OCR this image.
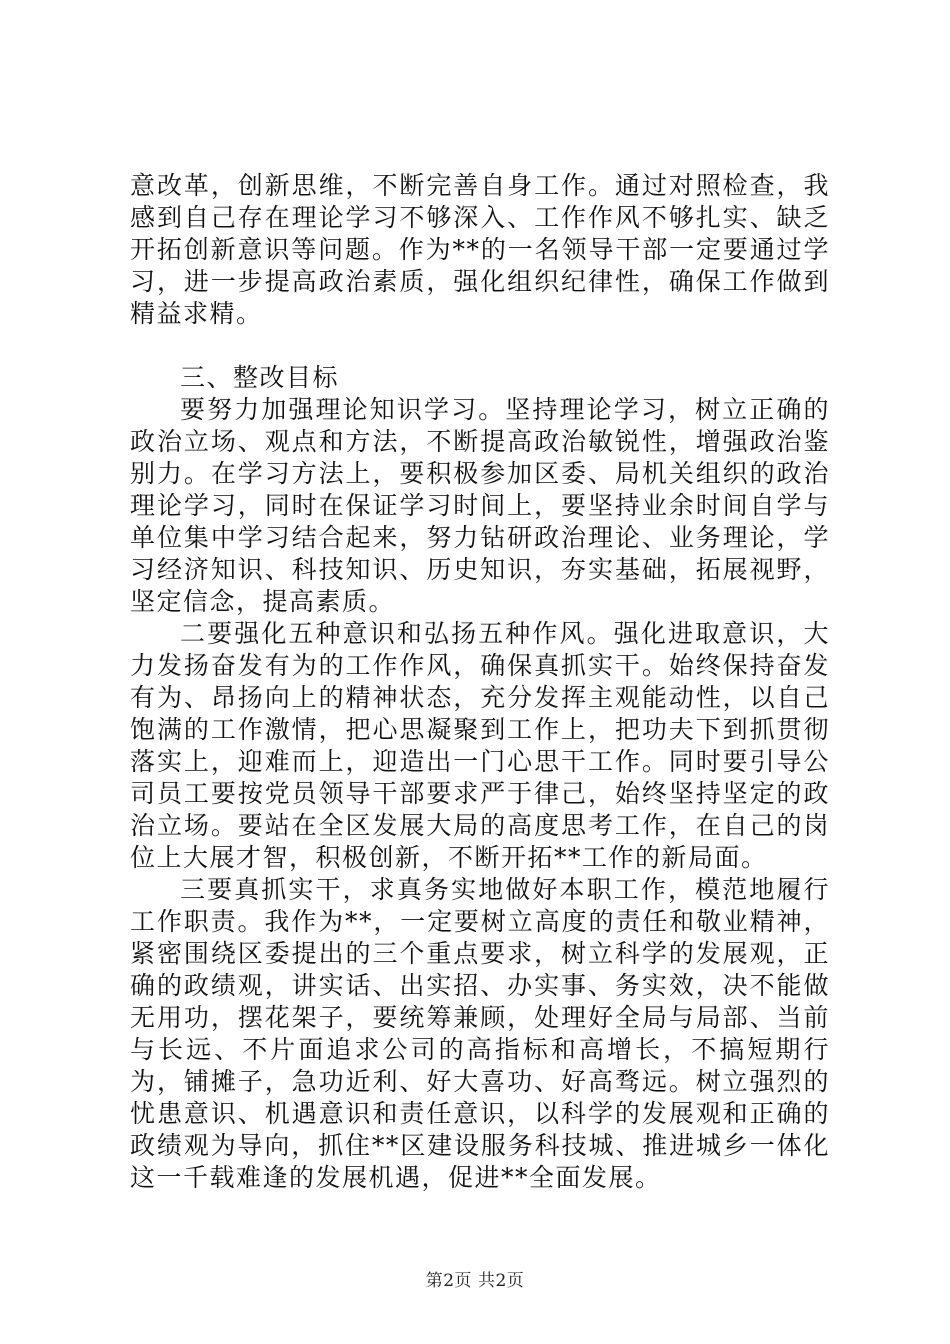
意改革，创新思维，不断完善自身工作。通过对照检查，我感到自己存在理论学习不够深入、工作作风不够扎实、缺乏开拓创新意识等问题。作为**的一名领导干部一定要通过学习，进一步提高政治素质，强化组织纪律性，确保工作做到精益求精。

三、整改目标

要努力加强理论知识学习。坚持理论学习，树立正确的政治立场、观点和方法，不断提高政治敏锐性，增强政治鉴别力。在学习方法上，要积极参加区委、局机关组织的政治理论学习，同时在保证学习时间上，要坚持业余时间自学与单位集中学习结合起来，努力钻研政治理论、业务理论，学习经济知识、科技知识、历史知识，夯实基础，拓展视野，坚定信念，提高素质。

二要强化五种意识和弘扬五种作风。强化进取意识，大力发扬奋发有为的工作作风，确保真抓实干。始终保持奋发有为、昂扬向上的精神状态，充分发挥主观能动性，以自己饱满的工作激情，把心思凝聚到工作上，把功夫下到抓贯彻落实上，迎难而上，迎造出一门心思干工作。同时要引导公司员工要按党员领导干部要求严于律己，始终坚持坚定的政治立场。要站在全区发展大局的高度思考工作，在自己的岗位上大展才智，积极创新，不断开拓**工作的新局面。

三要真抓实干，求真务实地做好本职工作，模范地履行工作职责。我作为**，一定要树立高度的责任和敬业精神，紧密围绕区委提出的三个重点要求，树立科学的发展观，正确的政绩观，讲实话、出实招、办实事、务实效，决不能做无用功，摆花架子，要统筹兼顾，处理好全局与局部、当前与长远、不片面追求公司的高指标和高增长，不搞短期行为，铺摊子，急功近利、好大喜功、好高骛远。树立强烈的忧患意识、机遇意识和责任意识，以科学的发展观和正确的政绩观为导向，抓住**区建设服务科技城、推进城乡一体化这一千载难逢的发展机遇，促进**全面发展。

第2页 共2页
